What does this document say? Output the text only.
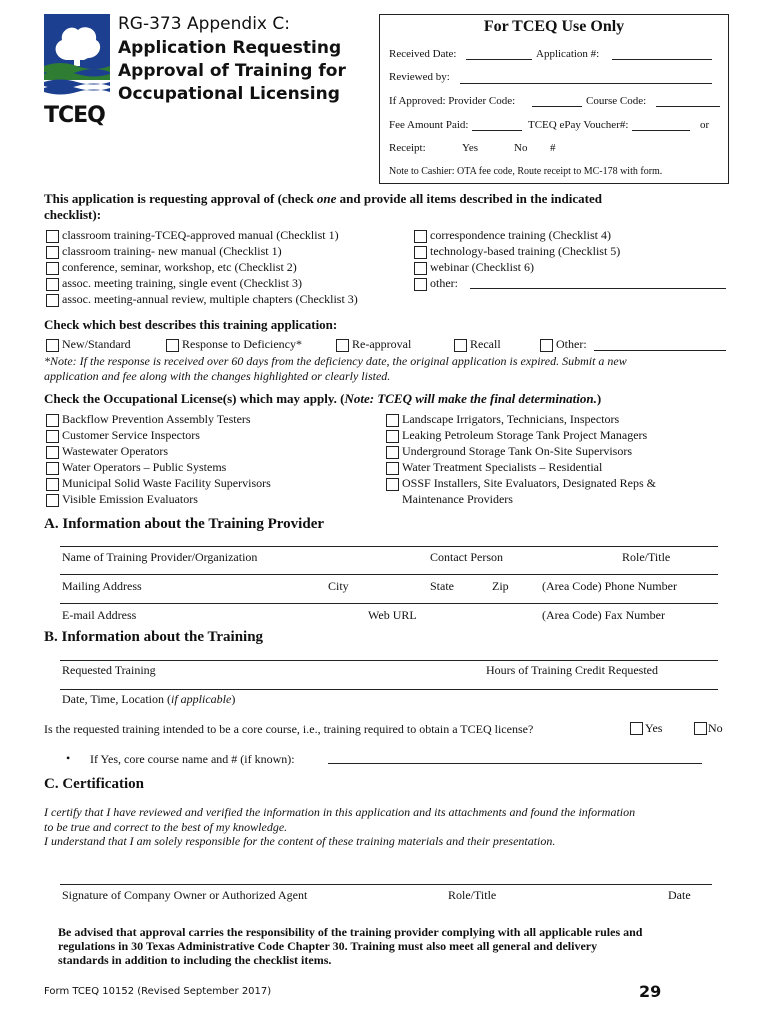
TCEQ
RG-373 Appendix C:
Application Requesting
Approval of Training for
Occupational Licensing
For TCEQ Use Only
Received Date:	Application #:
Reviewed by:
If Approved: Provider Code:	Course Code:
Fee Amount Paid:	TCEQ ePay Voucher#:	or
Receipt:	Yes	No #
Note to Cashier: OTA fee code, Route receipt to MC-178 with form.
This application is requesting approval of (check one and provide all items described in the indicated
checklist):
classroom training-TCEQ-approved manual (Checklist 1)
classroom training- new manual (Checklist 1)
conference, seminar, workshop, etc (Checklist 2)
assoc. meeting training, single event (Checklist 3)
assoc. meeting-annual review, multiple chapters (Checklist 3)
correspondence training (Checklist 4)
technology-based training (Checklist 5)
webinar (Checklist 6)
other:
Check which best describes this training application:
New/Standard	Response to Deficiency*	Re-approval	Recall	Other:
*Note: If the response is received over 60 days from the deficiency date, the original application is expired. Submit a new
application and fee along with the changes highlighted or clearly listed.
Check the Occupational License(s) which may apply. (Note: TCEQ will make the final determination.)
Backflow Prevention Assembly Testers
Customer Service Inspectors
Wastewater Operators
Water Operators – Public Systems
Municipal Solid Waste Facility Supervisors
Visible Emission Evaluators
Landscape Irrigators, Technicians, Inspectors
Leaking Petroleum Storage Tank Project Managers
Underground Storage Tank On-Site Supervisors
Water Treatment Specialists – Residential
OSSF Installers, Site Evaluators, Designated Reps &
Maintenance Providers
A. Information about the Training Provider
Name of Training Provider/Organization	Contact Person	Role/Title
Mailing Address	City	State	Zip	(Area Code) Phone Number
E-mail Address	Web URL	(Area Code) Fax Number
B. Information about the Training
Requested Training	Hours of Training Credit Requested
Date, Time, Location (if applicable)
Is the requested training intended to be a core course, i.e., training required to obtain a TCEQ license?	Yes	No
• If Yes, core course name and # (if known):
C. Certification
I certify that I have reviewed and verified the information in this application and its attachments and found the information
to be true and correct to the best of my knowledge.
I understand that I am solely responsible for the content of these training materials and their presentation.
Signature of Company Owner or Authorized Agent	Role/Title	Date
Be advised that approval carries the responsibility of the training provider complying with all applicable rules and
regulations in 30 Texas Administrative Code Chapter 30. Training must also meet all general and delivery
standards in addition to including the checklist items.
Form TCEQ 10152 (Revised September 2017)	29
